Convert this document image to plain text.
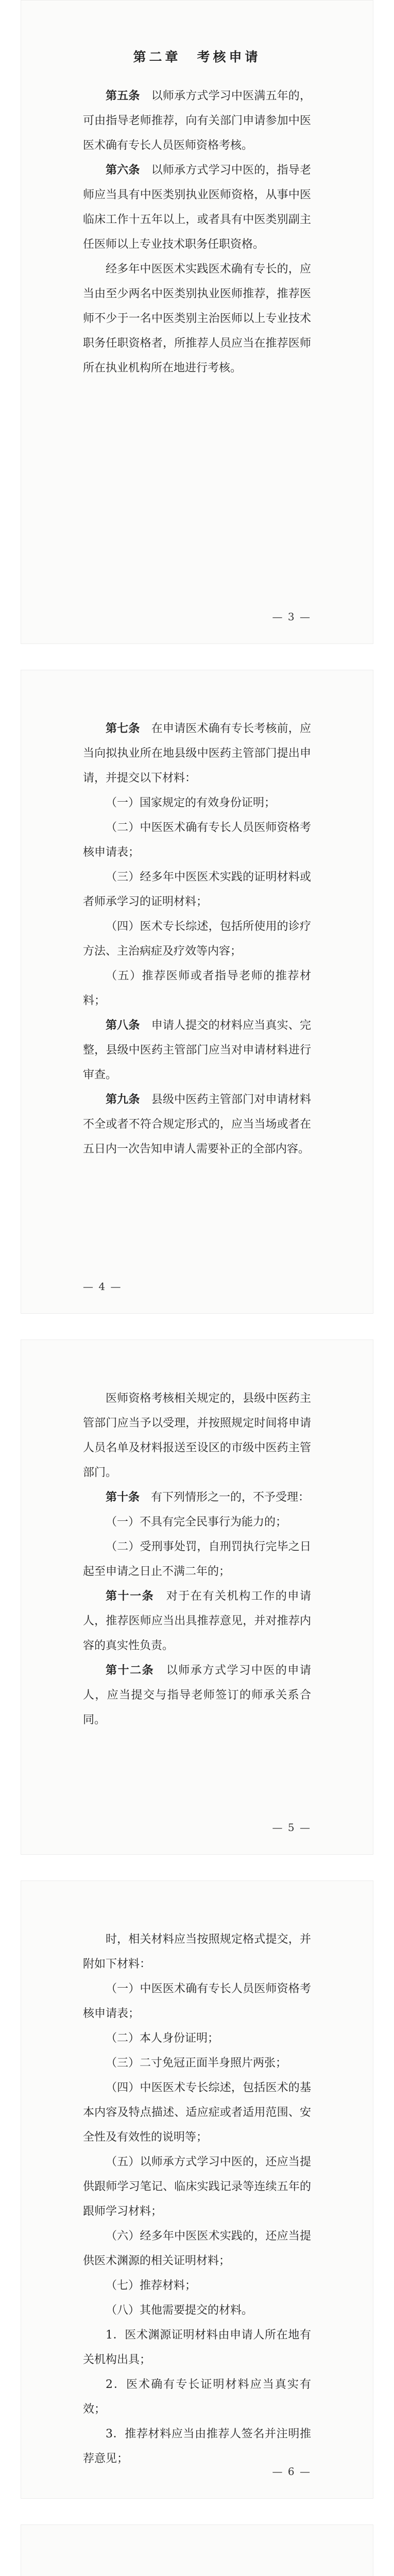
第二章　考核申请

第五条　 以师承方式学习中医满五年的，可由指导老师推荐，向有关部门申请参加中医医术确有专长人员医师资格考核。

第六条　 以师承方式学习中医的，指导老师应当具有中医类别执业医师资格，从事中医临床工作十五年以上，或者具有中医类别副主任医师以上专业技术职务任职资格。

经多年中医医术实践医术确有专长的，应当由至少两名中医类别执业医师推荐，推荐医师不少于一名中医类别主治医师以上专业技术职务任职资格者，所推荐人员应当在推荐医师所在执业机构所在地进行考核。

— 3 —

第七条　 在申请医术确有专长考核前，应当向拟执业所在地县级中医药主管部门提出申请，并提交以下材料：

（一）国家规定的有效身份证明；

（二）中医医术确有专长人员医师资格考核申请表；

（三）经多年中医医术实践的证明材料或者师承学习的证明材料；

（四）医术专长综述，包括所使用的诊疗方法、主治病症及疗效等内容；

（五）推荐医师或者指导老师的推荐材料；

第八条　 申请人提交的材料应当真实、完整，县级中医药主管部门应当对申请材料进行审查。

第九条　 县级中医药主管部门对申请材料不全或者不符合规定形式的，应当当场或者在五日内一次告知申请人需要补正的全部内容。

— 4 —

医师资格考核相关规定的，县级中医药主管部门应当予以受理，并按照规定时间将申请人员名单及材料报送至设区的市级中医药主管部门。

第十条　 有下列情形之一的，不予受理：

（一）不具有完全民事行为能力的；

（二）受刑事处罚，自刑罚执行完毕之日起至申请之日止不满二年的；

第十一条　 对于在有关机构工作的申请人，推荐医师应当出具推荐意见，并对推荐内容的真实性负责。

第十二条　 以师承方式学习中医的申请人，应当提交与指导老师签订的师承关系合同。

— 5 —

时，相关材料应当按照规定格式提交，并附如下材料：

（一）中医医术确有专长人员医师资格考核申请表；

（二）本人身份证明；

（三）二寸免冠正面半身照片两张；

（四）中医医术专长综述，包括医术的基本内容及特点描述、适应症或者适用范围、安全性及有效性的说明等；

（五）以师承方式学习中医的，还应当提供跟师学习笔记、临床实践记录等连续五年的跟师学习材料；

（六）经多年中医医术实践的，还应当提供医术渊源的相关证明材料；

（七）推荐材料；

（八）其他需要提交的材料。

1．医术渊源证明材料由申请人所在地有关机构出具；

2．医术确有专长证明材料应当真实有效；

3．推荐材料应当由推荐人签名并注明推荐意见；

— 6 —
